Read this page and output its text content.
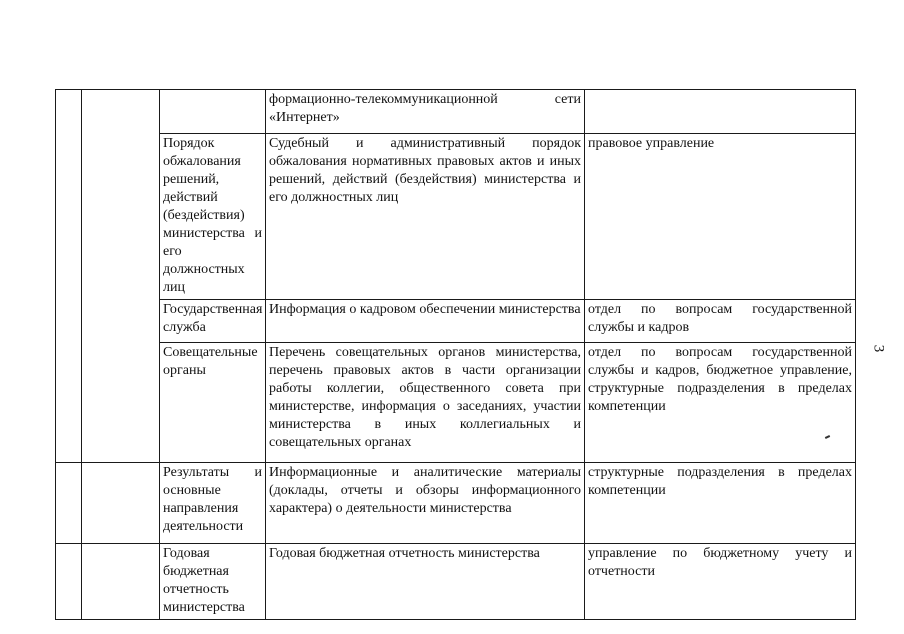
			формационно-телекоммуникационной сети «Интернет»	
		Порядок обжалования решений, действий (бездействия) министерства и его должностных лиц	Судебный и административный порядок обжалования нормативных правовых актов и иных решений, действий (бездействия) министерства и его должностных лиц	правовое управление
		Государственная служба	Информация о кадровом обеспечении министерства	отдел по вопросам государственной службы и кадров
		Совещательные органы	Перечень совещательных органов министерства, перечень правовых актов в части организации работы коллегии, общественного совета при министерстве, информация о заседаниях, участии министерства в иных коллегиальных и совещательных органах	отдел по вопросам государственной службы и кадров, бюджетное управление, структурные подразделения в пределах компетенции
		Результаты и основные направления деятельности	Информационные и аналитические материалы (доклады, отчеты и обзоры информационного характера) о деятельности министерства	структурные подразделения в пределах компетенции
		Годовая бюджетная отчетность министерства	Годовая бюджетная отчетность министерства	управление по бюджетному учету и отчетности
3
